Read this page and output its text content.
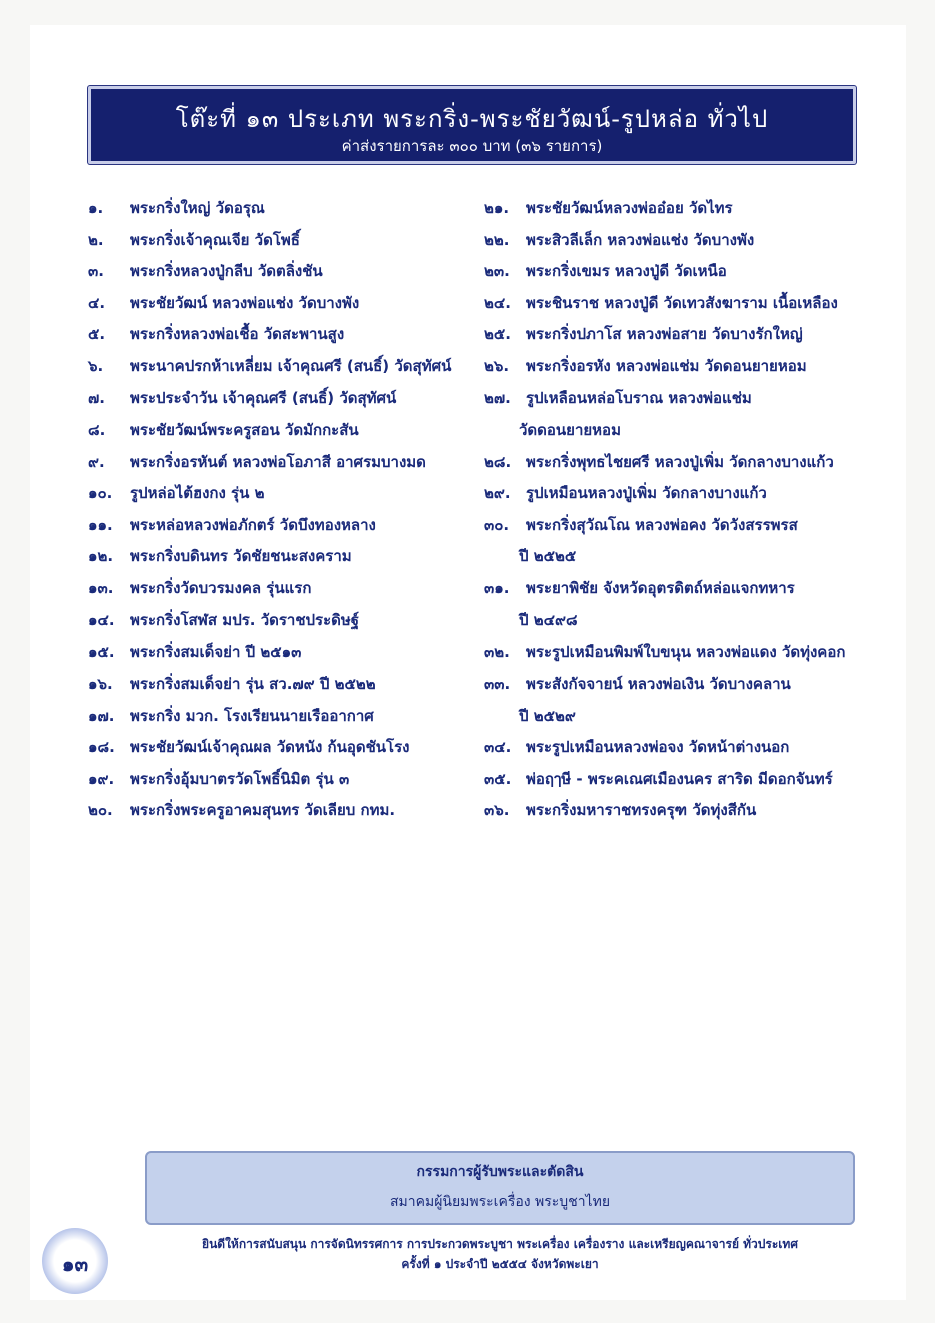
โต๊ะที่ ๑๓ ประเภท พระกริ่ง-พระชัยวัฒน์-รูปหล่อ ทั่วไป
ค่าส่งรายการละ ๓๐๐ บาท (๓๖ รายการ)
๑. พระกริ่งใหญ่ วัดอรุณ
๒. พระกริ่งเจ้าคุณเจีย วัดโพธิ์
๓. พระกริ่งหลวงปู่กลีบ วัดตลิ่งชัน
๔. พระชัยวัฒน์ หลวงพ่อแช่ง วัดบางพัง
๕. พระกริ่งหลวงพ่อเชื้อ วัดสะพานสูง
๖. พระนาคปรกห้าเหลี่ยม เจ้าคุณศรี (สนธิ์) วัดสุทัศน์
๗. พระประจำวัน เจ้าคุณศรี (สนธิ์) วัดสุทัศน์
๘. พระชัยวัฒน์พระครูสอน วัดมักกะสัน
๙. พระกริ่งอรหันต์ หลวงพ่อโอภาสี อาศรมบางมด
๑๐. รูปหล่อไต้ฮงกง รุ่น ๒
๑๑. พระหล่อหลวงพ่อภักตร์ วัดบึงทองหลาง
๑๒. พระกริ่งบดินทร วัดชัยชนะสงคราม
๑๓. พระกริ่งวัดบวรมงคล รุ่นแรก
๑๔. พระกริ่งโสฬส มปร. วัดราชประดิษฐ์
๑๕. พระกริ่งสมเด็จย่า ปี ๒๕๑๓
๑๖. พระกริ่งสมเด็จย่า รุ่น สว.๗๙ ปี ๒๕๒๒
๑๗. พระกริ่ง มวก. โรงเรียนนายเรืออากาศ
๑๘. พระชัยวัฒน์เจ้าคุณผล วัดหนัง ก้นอุดชันโรง
๑๙. พระกริ่งอุ้มบาตรวัดโพธิ์นิมิต รุ่น ๓
๒๐. พระกริ่งพระครูอาคมสุนทร วัดเลียบ กทม.
๒๑. พระชัยวัฒน์หลวงพ่ออ๋อย วัดไทร
๒๒. พระสิวลีเล็ก หลวงพ่อแช่ง วัดบางพัง
๒๓. พระกริ่งเขมร หลวงปู่ดี วัดเหนือ
๒๔. พระชินราช หลวงปู่ดี วัดเทวสังฆาราม เนื้อเหลือง
๒๕. พระกริ่งปภาโส หลวงพ่อสาย วัดบางรักใหญ่
๒๖. พระกริ่งอรหัง หลวงพ่อแช่ม วัดดอนยายหอม
๒๗. รูปเหลือนหล่อโบราณ หลวงพ่อแช่ม
วัดดอนยายหอม
๒๘. พระกริ่งพุทธไชยศรี หลวงปู่เพิ่ม วัดกลางบางแก้ว
๒๙. รูปเหมือนหลวงปู่เพิ่ม วัดกลางบางแก้ว
๓๐. พระกริ่งสุวัณโณ หลวงพ่อคง วัดวังสรรพรส
ปี ๒๕๒๕
๓๑. พระยาพิชัย จังหวัดอุตรดิตถ์หล่อแจกทหาร
ปี ๒๔๙๘
๓๒. พระรูปเหมือนพิมพ์ใบขนุน หลวงพ่อแดง วัดทุ่งคอก
๓๓. พระสังกัจจายน์ หลวงพ่อเงิน วัดบางคลาน
ปี ๒๕๒๙
๓๔. พระรูปเหมือนหลวงพ่อจง วัดหน้าต่างนอก
๓๕. พ่อฤๅษี - พระคเณศเมืองนคร สาริด มีดอกจันทร์
๓๖. พระกริ่งมหาราชทรงครุฑ วัดทุ่งสีกัน
กรรมการผู้รับพระและตัดสิน
สมาคมผู้นิยมพระเครื่อง พระบูชาไทย
ยินดีให้การสนับสนุน การจัดนิทรรศการ การประกวดพระบูชา พระเครื่อง เครื่องราง และเหรียญคณาจารย์ ทั่วประเทศ
ครั้งที่ ๑ ประจำปี ๒๕๕๔ จังหวัดพะเยา
๑๓
